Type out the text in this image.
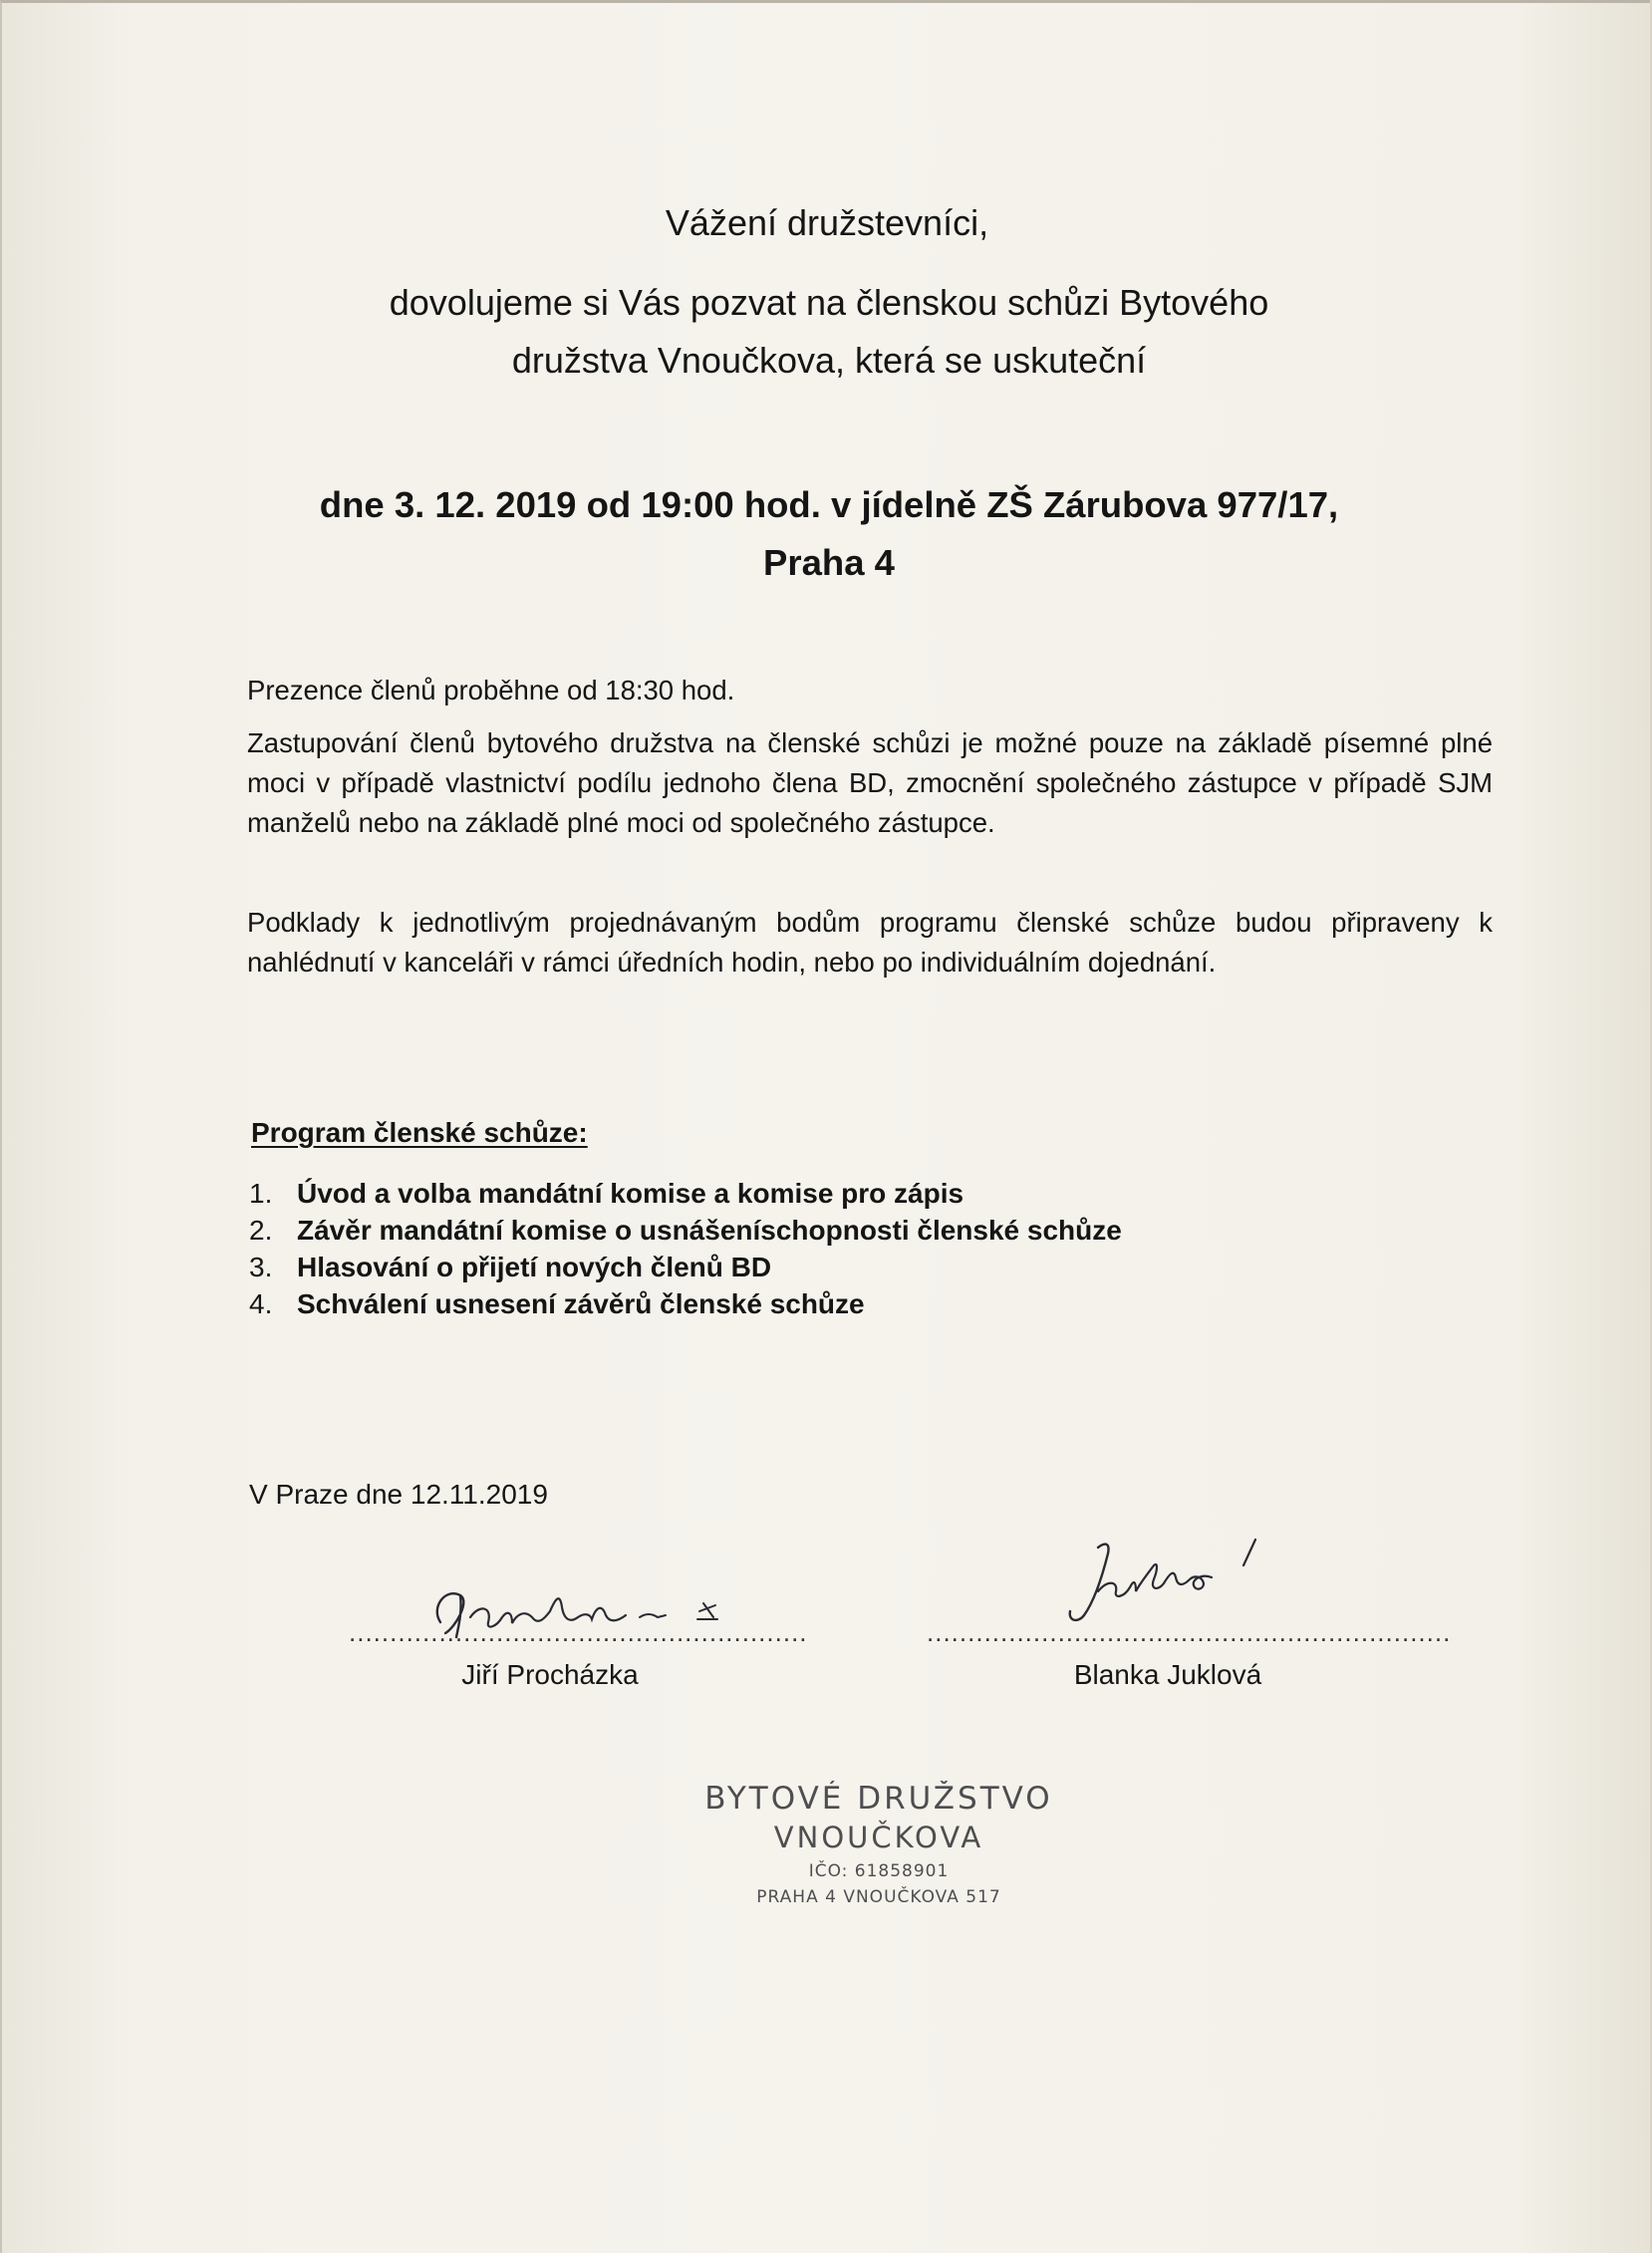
Vážení družstevníci,
dovolujeme si Vás pozvat na členskou schůzi Bytového
družstva Vnoučkova, která se uskuteční
dne 3. 12. 2019 od 19:00 hod. v jídelně ZŠ Zárubova 977/17,
Praha 4
Prezence členů proběhne od 18:30 hod.
Zastupování členů bytového družstva na členské schůzi je možné pouze na základě písemné plné moci v případě vlastnictví podílu jednoho člena BD, zmocnění společného zástupce v případě SJM manželů nebo na základě plné moci od společného zástupce.
Podklady k jednotlivým projednávaným bodům programu členské schůze budou připraveny k nahlédnutí v kanceláři v rámci úředních hodin, nebo po individuálním dojednání.
Program členské schůze:
1. Úvod a volba mandátní komise a komise pro zápis
2. Závěr mandátní komise o usnášeníschopnosti členské schůze
3. Hlasování o přijetí nových členů BD
4. Schválení usnesení závěrů členské schůze
V Praze dne 12.11.2019
........................................................	................................................................
Jiří Procházka	Blanka Juklová
BYTOVÉ DRUŽSTVO
VNOUČKOVA
IČO: 61858901
PRAHA 4 VNOUČKOVA 517
